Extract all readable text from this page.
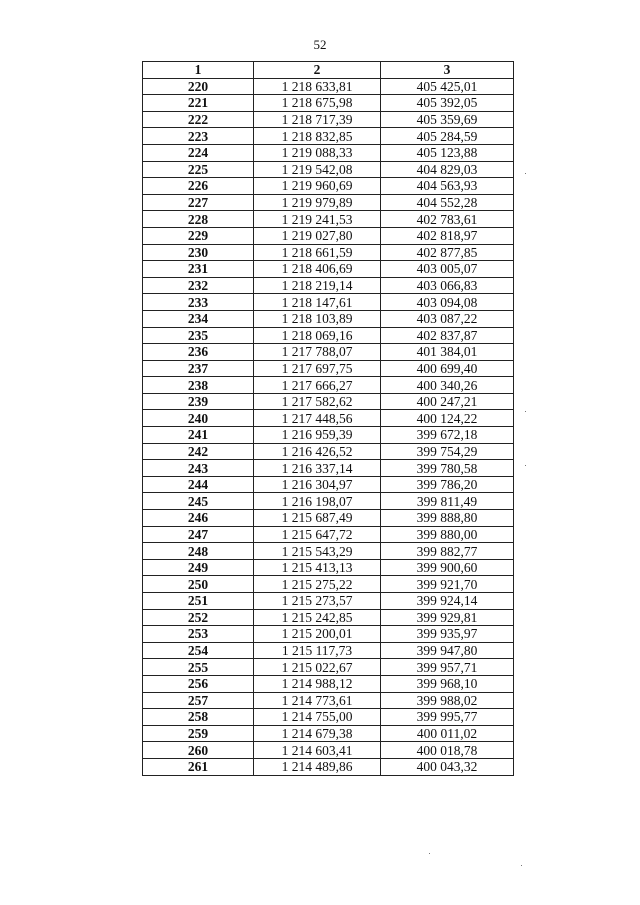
52
1	2	3
220	1 218 633,81	405 425,01
221	1 218 675,98	405 392,05
222	1 218 717,39	405 359,69
223	1 218 832,85	405 284,59
224	1 219 088,33	405 123,88
225	1 219 542,08	404 829,03
226	1 219 960,69	404 563,93
227	1 219 979,89	404 552,28
228	1 219 241,53	402 783,61
229	1 219 027,80	402 818,97
230	1 218 661,59	402 877,85
231	1 218 406,69	403 005,07
232	1 218 219,14	403 066,83
233	1 218 147,61	403 094,08
234	1 218 103,89	403 087,22
235	1 218 069,16	402 837,87
236	1 217 788,07	401 384,01
237	1 217 697,75	400 699,40
238	1 217 666,27	400 340,26
239	1 217 582,62	400 247,21
240	1 217 448,56	400 124,22
241	1 216 959,39	399 672,18
242	1 216 426,52	399 754,29
243	1 216 337,14	399 780,58
244	1 216 304,97	399 786,20
245	1 216 198,07	399 811,49
246	1 215 687,49	399 888,80
247	1 215 647,72	399 880,00
248	1 215 543,29	399 882,77
249	1 215 413,13	399 900,60
250	1 215 275,22	399 921,70
251	1 215 273,57	399 924,14
252	1 215 242,85	399 929,81
253	1 215 200,01	399 935,97
254	1 215 117,73	399 947,80
255	1 215 022,67	399 957,71
256	1 214 988,12	399 968,10
257	1 214 773,61	399 988,02
258	1 214 755,00	399 995,77
259	1 214 679,38	400 011,02
260	1 214 603,41	400 018,78
261	1 214 489,86	400 043,32
